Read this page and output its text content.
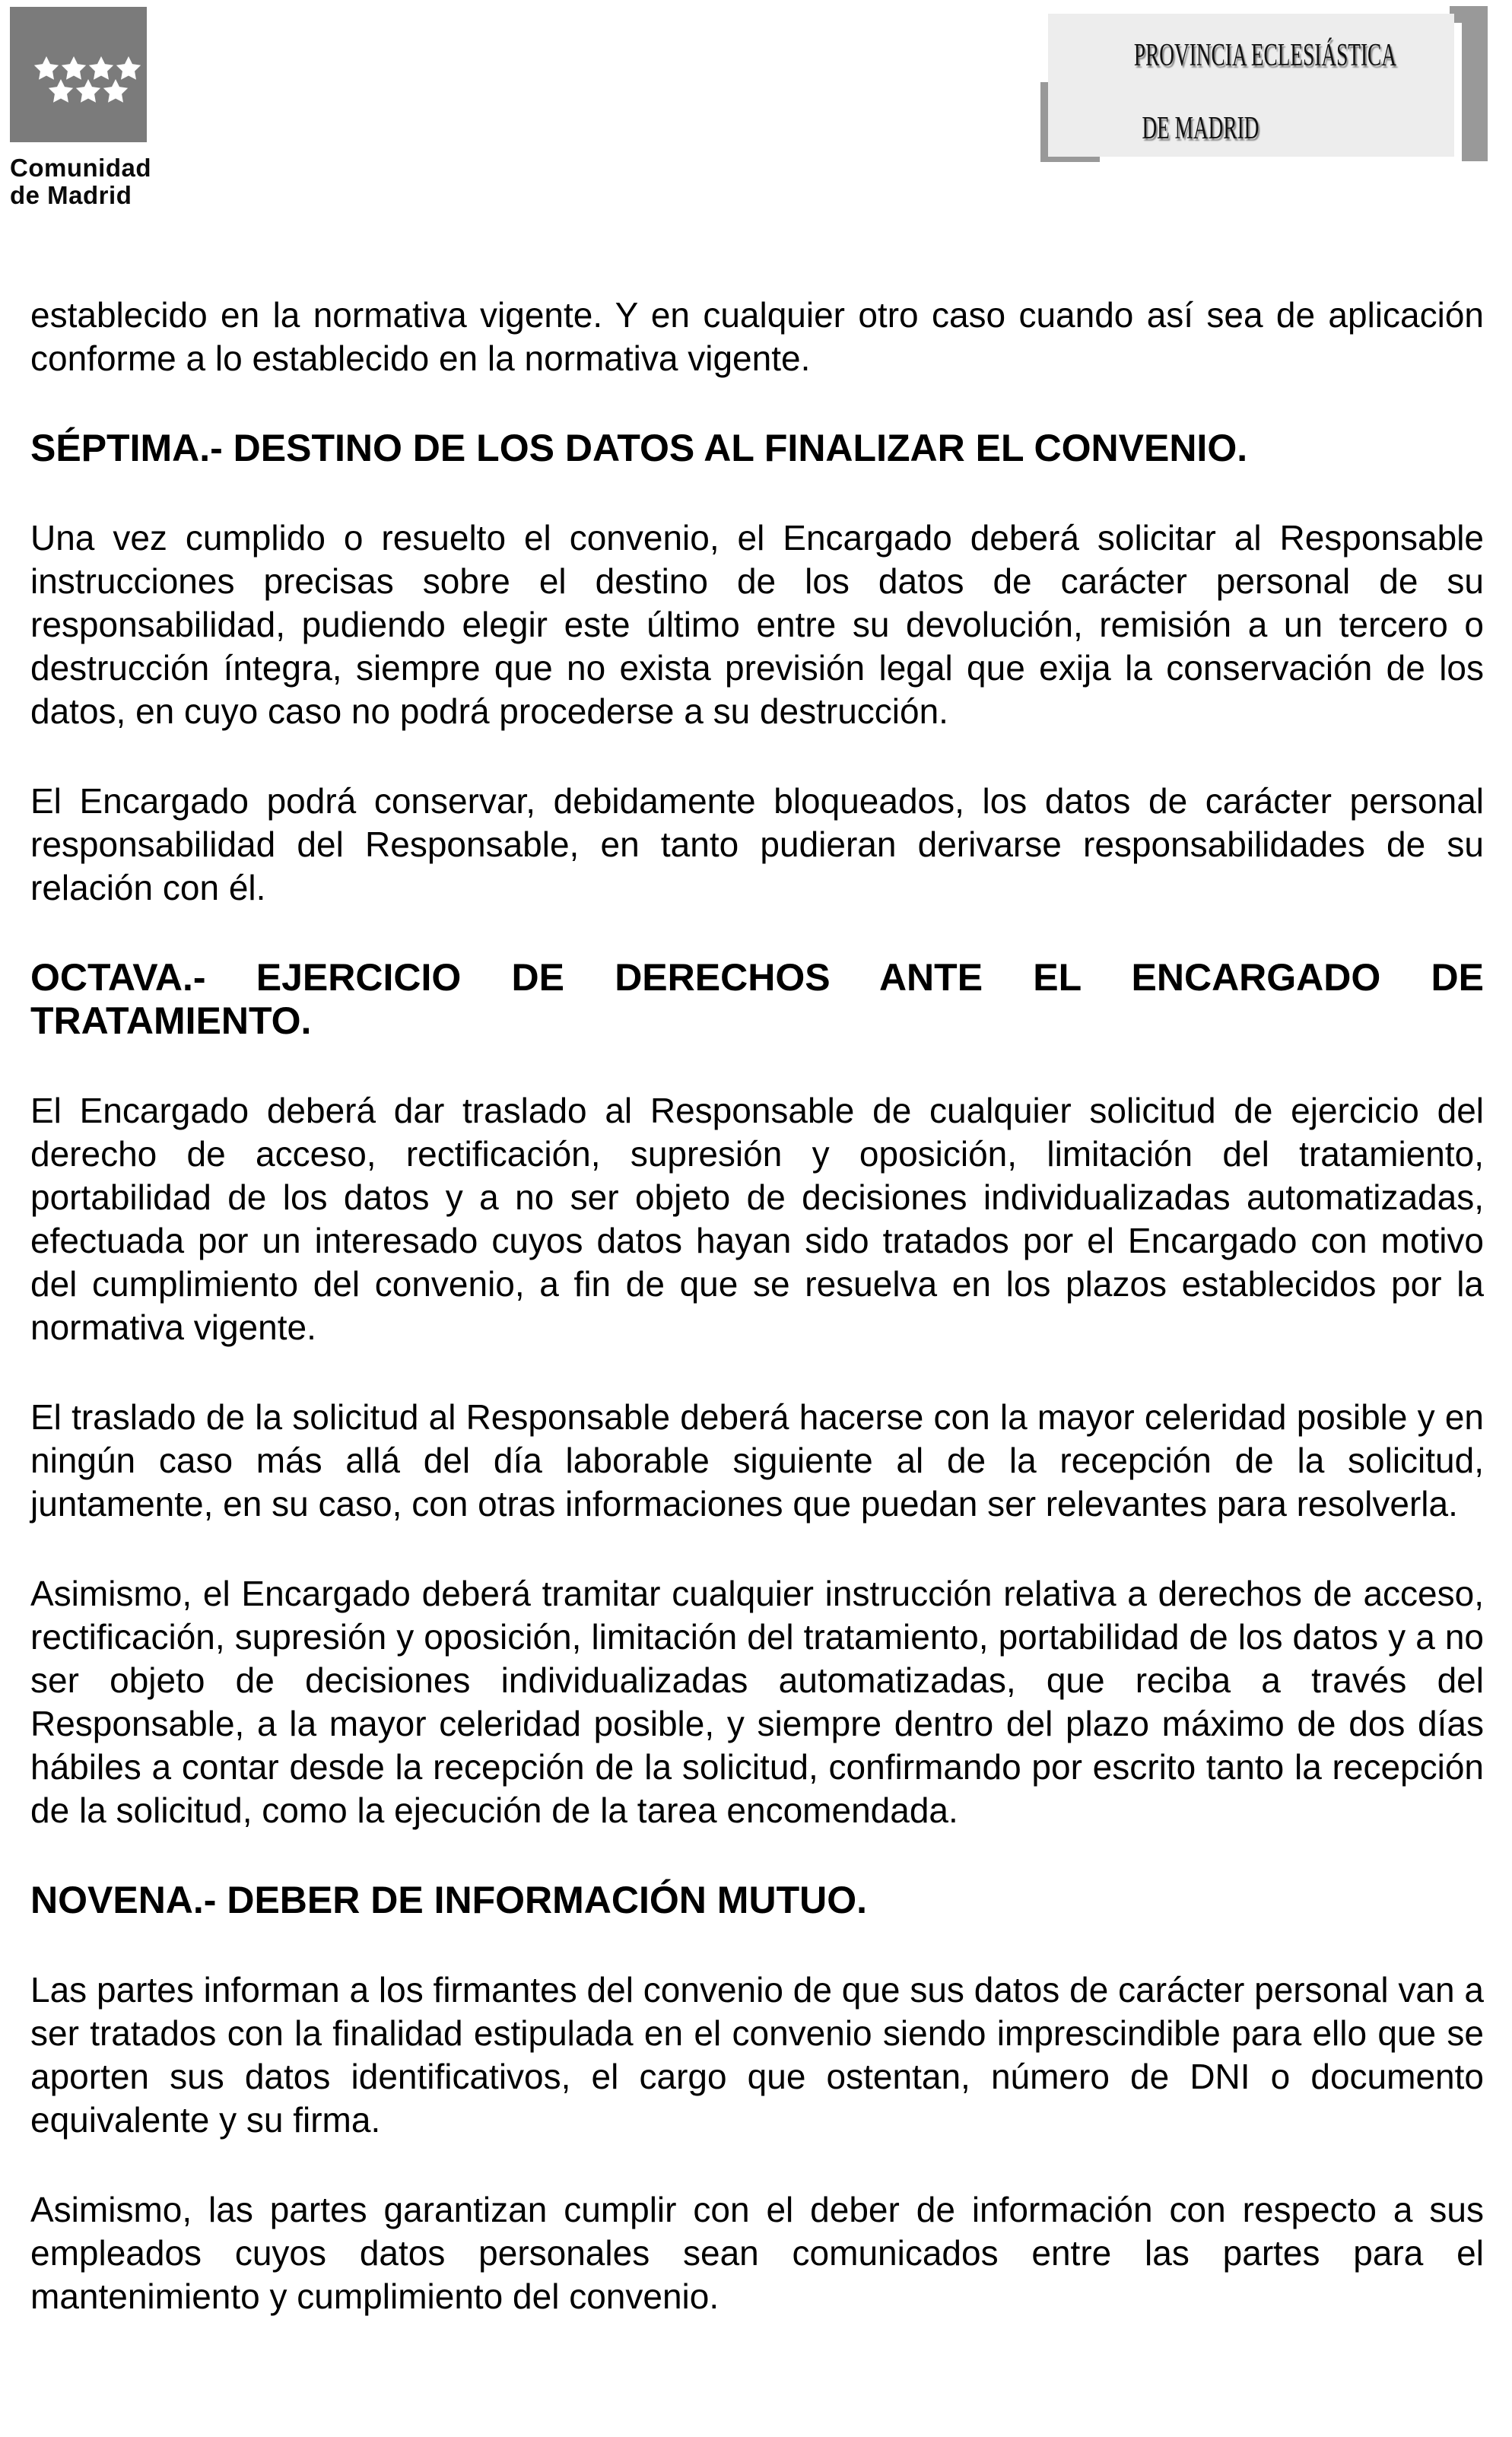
Comunidad
de Madrid
PROVINCIA ECLESIÁSTICA
DE MADRID

establecido en la normativa vigente. Y en cualquier otro caso cuando así sea de aplicación conforme a lo establecido en la normativa vigente.

SÉPTIMA.- DESTINO DE LOS DATOS AL FINALIZAR EL CONVENIO.

Una vez cumplido o resuelto el convenio, el Encargado deberá solicitar al Responsable instrucciones precisas sobre el destino de los datos de carácter personal de su responsabilidad, pudiendo elegir este último entre su devolución, remisión a un tercero o destrucción íntegra, siempre que no exista previsión legal que exija la conservación de los datos, en cuyo caso no podrá procederse a su destrucción.

El Encargado podrá conservar, debidamente bloqueados, los datos de carácter personal responsabilidad del Responsable, en tanto pudieran derivarse responsabilidades de su relación con él.

OCTAVA.- EJERCICIO DE DERECHOS ANTE EL ENCARGADO DE TRATAMIENTO.

El Encargado deberá dar traslado al Responsable de cualquier solicitud de ejercicio del derecho de acceso, rectificación, supresión y oposición, limitación del tratamiento, portabilidad de los datos y a no ser objeto de decisiones individualizadas automatizadas, efectuada por un interesado cuyos datos hayan sido tratados por el Encargado con motivo del cumplimiento del convenio, a fin de que se resuelva en los plazos establecidos por la normativa vigente.

El traslado de la solicitud al Responsable deberá hacerse con la mayor celeridad posible y en ningún caso más allá del día laborable siguiente al de la recepción de la solicitud, juntamente, en su caso, con otras informaciones que puedan ser relevantes para resolverla.

Asimismo, el Encargado deberá tramitar cualquier instrucción relativa a derechos de acceso, rectificación, supresión y oposición, limitación del tratamiento, portabilidad de los datos y a no ser objeto de decisiones individualizadas automatizadas, que reciba a través del Responsable, a la mayor celeridad posible, y siempre dentro del plazo máximo de dos días hábiles a contar desde la recepción de la solicitud, confirmando por escrito tanto la recepción de la solicitud, como la ejecución de la tarea encomendada.

NOVENA.- DEBER DE INFORMACIÓN MUTUO.

Las partes informan a los firmantes del convenio de que sus datos de carácter personal van a ser tratados con la finalidad estipulada en el convenio siendo imprescindible para ello que se aporten sus datos identificativos, el cargo que ostentan, número de DNI o documento equivalente y su firma.

Asimismo, las partes garantizan cumplir con el deber de información con respecto a sus empleados cuyos datos personales sean comunicados entre las partes para el mantenimiento y cumplimiento del convenio.
